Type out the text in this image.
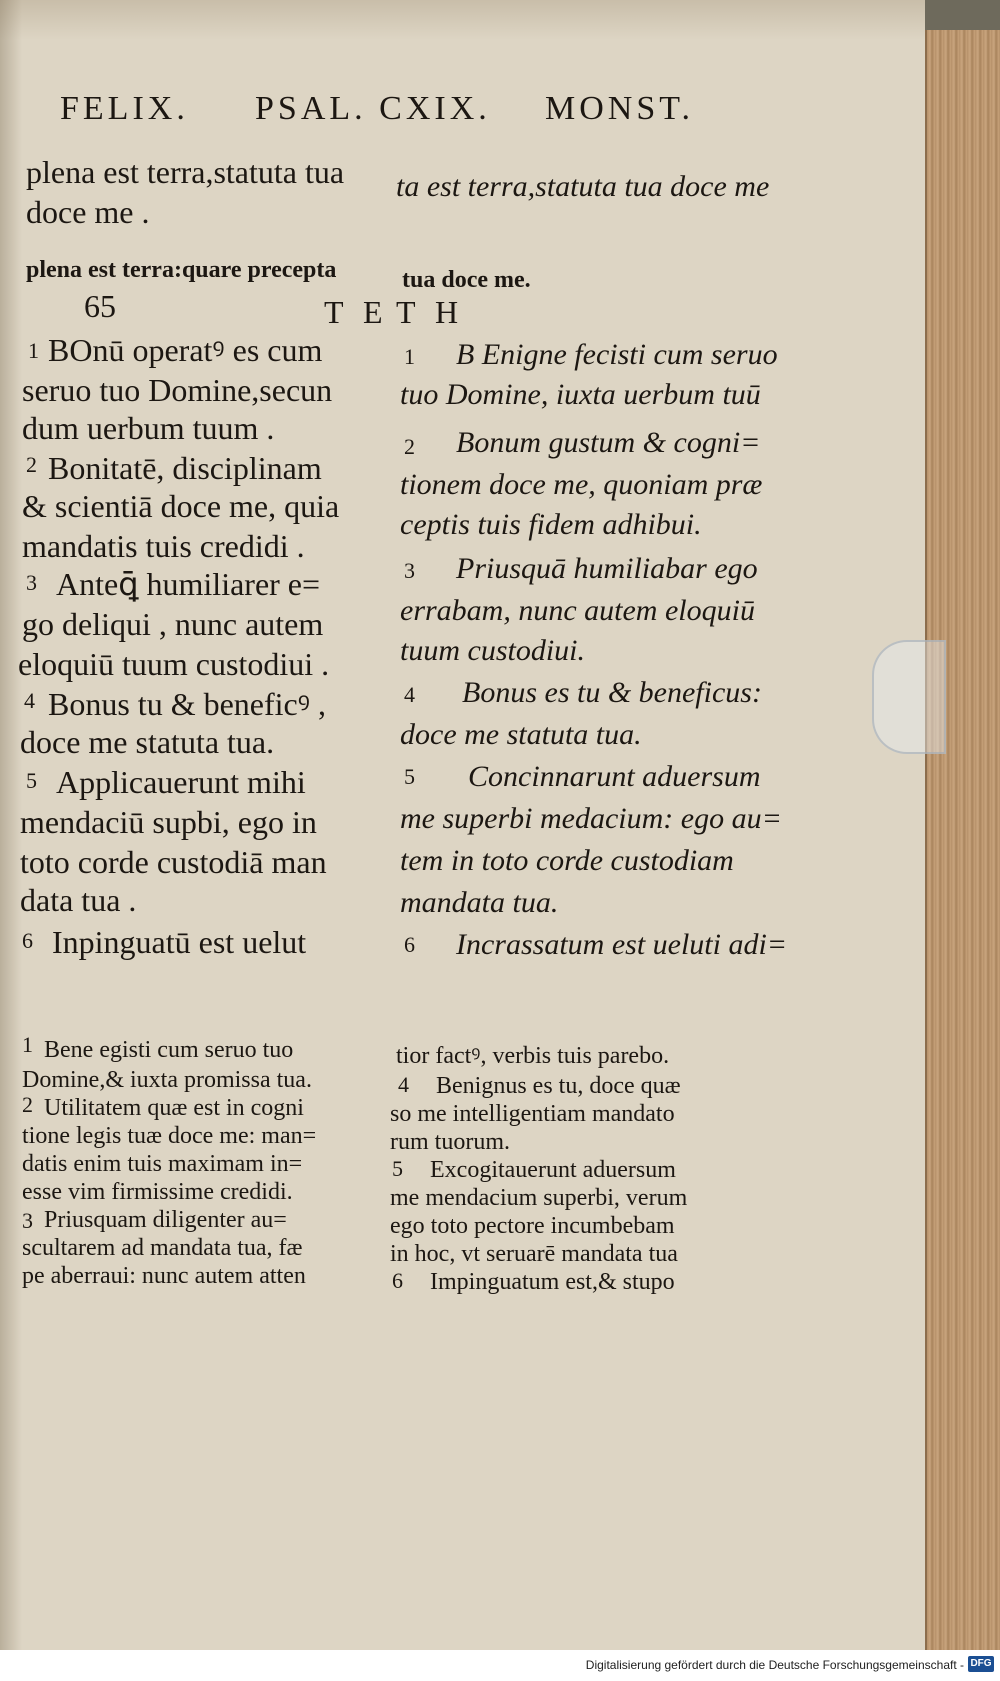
FELIX. PSAL. CXIX. MONST.
plena est terra,statuta tua
doce me .
ta est terra,statuta tua doce me
plena est terra:quare precepta	tua doce me.
65	T E T H
1
2
3
4
5
6
BOnū operatꝰ es cum
seruo tuo Domine,secun
dum uerbum tuum .
Bonitatē, disciplinam
& scientiā doce me, quia
mandatis tuis credidi .
Anteꝗ̄ humiliarer e=
go deliqui , nunc autem
eloquiū tuum custodiui .
Bonus tu & beneficꝰ ,
doce me statuta tua.
Applicauerunt mihi
mendaciū supbi, ego in
toto corde custodiā man
data tua .
Inpinguatū est uelut
1
2
3
4
5
6
B Enigne fecisti cum seruo
tuo Domine, iuxta uerbum tuū
Bonum gustum & cogni=
tionem doce me, quoniam præ
ceptis tuis fidem adhibui.
Priusquā humiliabar ego
errabam, nunc autem eloquiū
tuum custodiui.
Bonus es tu & beneficus:
doce me statuta tua.
Concinnarunt aduersum
me superbi medacium: ego au=
tem in toto corde custodiam
mandata tua.
Incrassatum est ueluti adi=
1
2
3
Bene egisti cum seruo tuo
Domine,& iuxta promissa tua.
Utilitatem quæ est in cogni
tione legis tuæ doce me: man=
datis enim tuis maximam in=
esse vim firmissime credidi.
Priusquam diligenter au=
scultarem ad mandata tua, fæ
pe aberraui: nunc autem atten
4
5
6
tior factꝰ, verbis tuis parebo.
Benignus es tu, doce quæ
so me intelligentiam mandato
rum tuorum.
Excogitauerunt aduersum
me mendacium superbi, verum
ego toto pectore incumbebam
in hoc, vt seruarē mandata tua
Impinguatum est,& stupo
Digitalisierung gefördert durch die Deutsche Forschungsgemeinschaft - DFG
